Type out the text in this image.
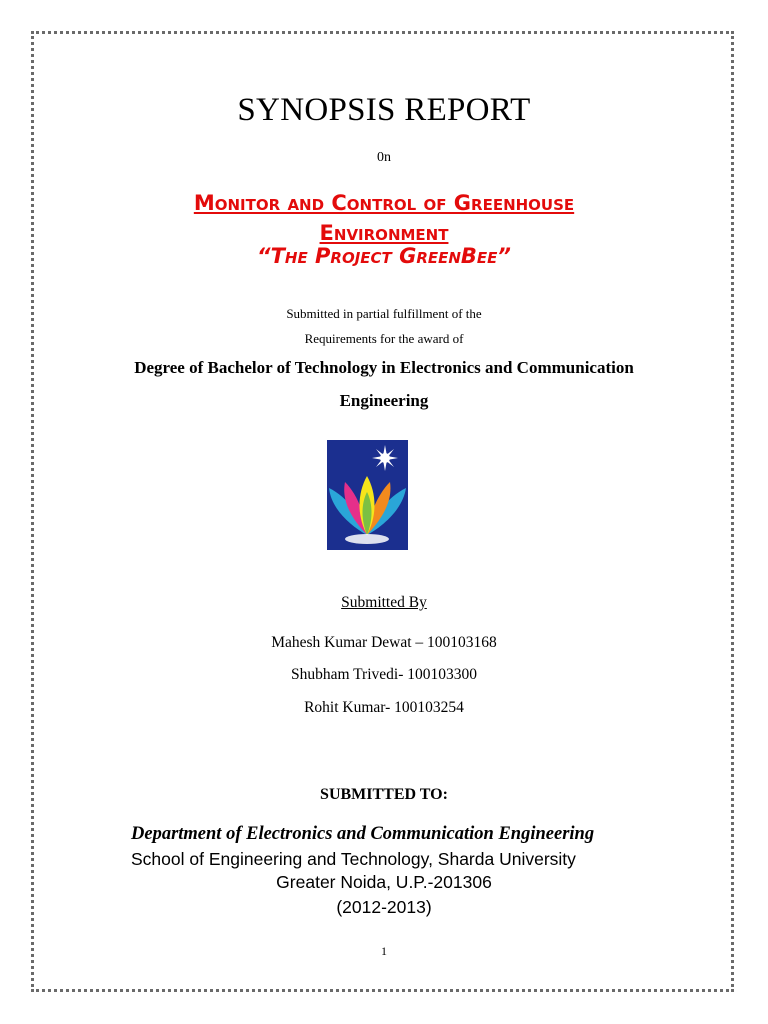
SYNOPSIS REPORT
0n
Monitor and Control of Greenhouse
Environment
“The Project GreenBee”
Submitted in partial fulfillment of the
Requirements for the award of
Degree of Bachelor of Technology in Electronics and Communication
Engineering
Submitted By
Mahesh Kumar Dewat – 100103168
Shubham Trivedi- 100103300
Rohit Kumar- 100103254
SUBMITTED TO:
Department of Electronics and Communication Engineering
School of Engineering and Technology, Sharda University
Greater Noida, U.P.-201306
(2012-2013)
1
